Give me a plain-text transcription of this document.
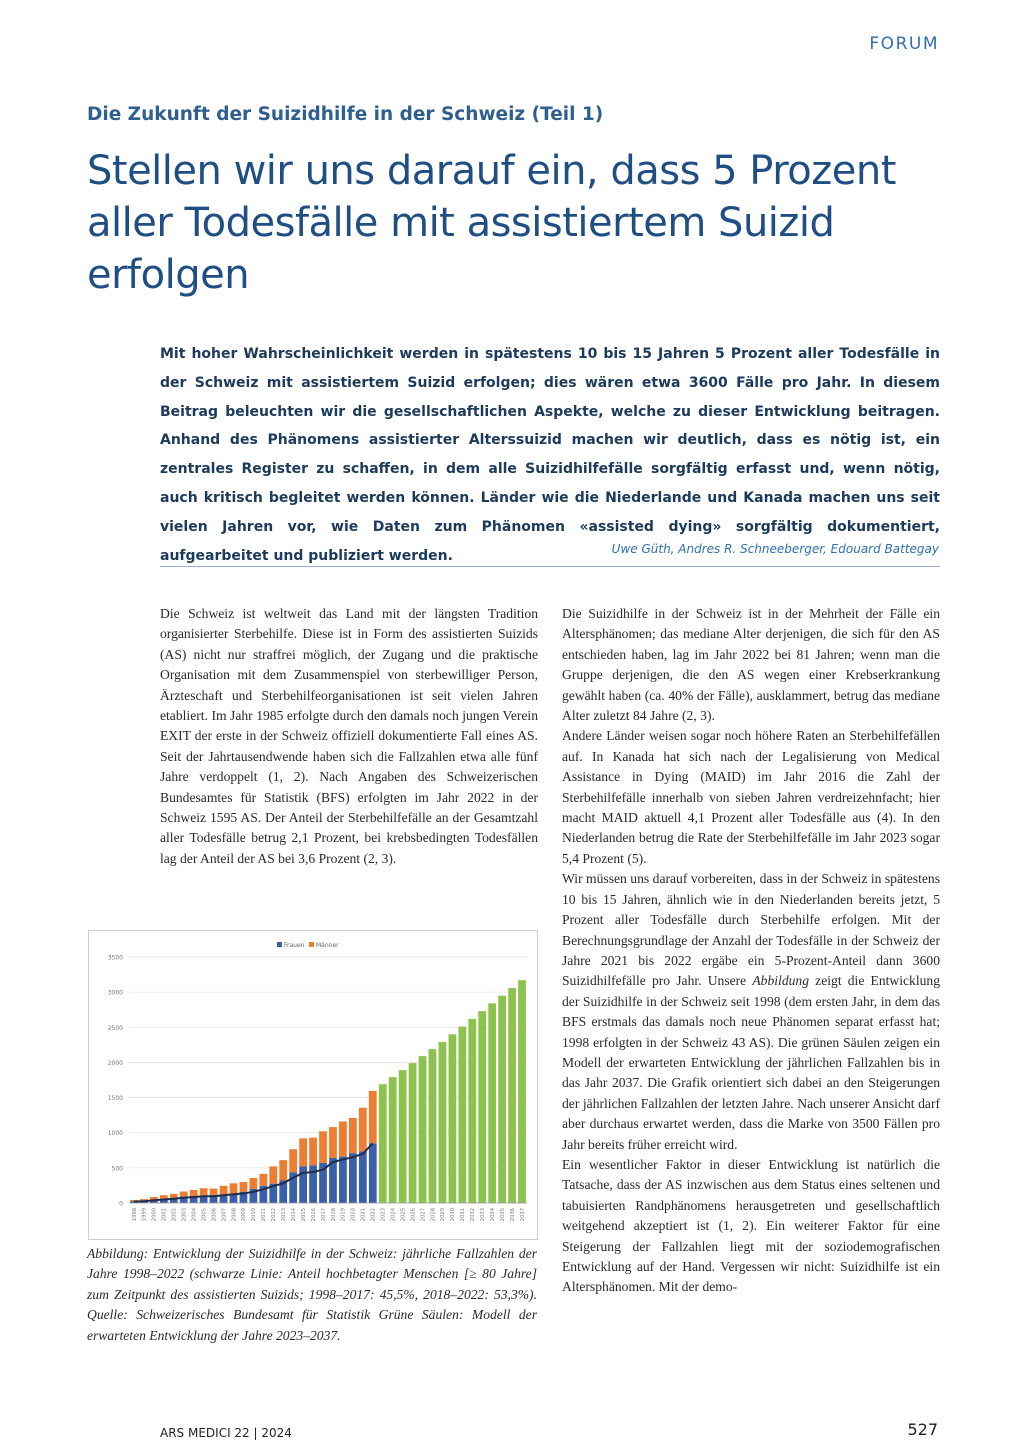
FORUM
Die Zukunft der Suizidhilfe in der Schweiz (Teil 1)
Stellen wir uns darauf ein, dass 5 Prozent aller Todesfälle mit assistiertem Suizid erfolgen

Mit hoher Wahrscheinlichkeit werden in spätestens 10 bis 15 Jahren 5 Prozent aller Todesfälle in der Schweiz mit assistiertem Suizid erfolgen; dies wären etwa 3600 Fälle pro Jahr. In diesem Beitrag beleuchten wir die gesellschaftlichen Aspekte, welche zu dieser Entwicklung beitragen. Anhand des Phänomens assistierter Alterssuizid machen wir deutlich, dass es nötig ist, ein zentrales Register zu schaffen, in dem alle Suizidhilfefälle sorgfältig erfasst und, wenn nötig, auch kritisch begleitet werden können. Länder wie die Niederlande und Kanada machen uns seit vielen Jahren vor, wie Daten zum Phänomen «assisted dying» sorgfältig dokumentiert, aufgearbeitet und publiziert werden.	Uwe Güth, Andres R. Schneeberger, Edouard Battegay

Die Schweiz ist weltweit das Land mit der längsten Tradition organisierter Sterbehilfe. Diese ist in Form des assistierten Suizids (AS) nicht nur straffrei möglich, der Zugang und die praktische Organisation mit dem Zusammenspiel von sterbewilliger Person, Ärzteschaft und Sterbehilfeorganisationen ist seit vielen Jahren etabliert. Im Jahr 1985 erfolgte durch den damals noch jungen Verein EXIT der erste in der Schweiz offiziell dokumentierte Fall eines AS. Seit der Jahrtausendwende haben sich die Fallzahlen etwa alle fünf Jahre verdoppelt (1, 2). Nach Angaben des Schweizerischen Bundesamtes für Statistik (BFS) erfolgten im Jahr 2022 in der Schweiz 1595 AS. Der Anteil der Sterbehilfefälle an der Gesamtzahl aller Todesfälle betrug 2,1 Prozent, bei krebsbedingten Todesfällen lag der Anteil der AS bei 3,6 Prozent (2, 3).

Die Suizidhilfe in der Schweiz ist in der Mehrheit der Fälle ein Altersphänomen; das mediane Alter derjenigen, die sich für den AS entschieden haben, lag im Jahr 2022 bei 81 Jahren; wenn man die Gruppe derjenigen, die den AS wegen einer Krebserkrankung gewählt haben (ca. 40% der Fälle), ausklammert, betrug das mediane Alter zuletzt 84 Jahre (2, 3).

Andere Länder weisen sogar noch höhere Raten an Sterbehilfefällen auf. In Kanada hat sich nach der Legalisierung von Medical Assistance in Dying (MAID) im Jahr 2016 die Zahl der Sterbehilfefälle innerhalb von sieben Jahren verdreizehnfacht; hier macht MAID aktuell 4,1 Prozent aller Todesfälle aus (4). In den Niederlanden betrug die Rate der Sterbehilfefälle im Jahr 2023 sogar 5,4 Prozent (5).

Wir müssen uns darauf vorbereiten, dass in der Schweiz in spätestens 10 bis 15 Jahren, ähnlich wie in den Niederlanden bereits jetzt, 5 Prozent aller Todesfälle durch Sterbehilfe erfolgen. Mit der Berechnungsgrundlage der Anzahl der Todesfälle in der Schweiz der Jahre 2021 bis 2022 ergäbe ein 5-Prozent-Anteil dann 3600 Suizidhilfefälle pro Jahr. Unsere Abbildung zeigt die Entwicklung der Suizidhilfe in der Schweiz seit 1998 (dem ersten Jahr, in dem das BFS erstmals das damals noch neue Phänomen separat erfasst hat; 1998 erfolgten in der Schweiz 43 AS). Die grünen Säulen zeigen ein Modell der erwarteten Entwicklung der jährlichen Fallzahlen bis in das Jahr 2037. Die Grafik orientiert sich dabei an den Steigerungen der jährlichen Fallzahlen der letzten Jahre. Nach unserer Ansicht darf aber durchaus erwartet werden, dass die Marke von 3500 Fällen pro Jahr bereits früher erreicht wird.

Ein wesentlicher Faktor in dieser Entwicklung ist natürlich die Tatsache, dass der AS inzwischen aus dem Status eines seltenen und tabuisierten Randphänomens herausgetreten und gesellschaftlich weitgehend akzeptiert ist (1, 2). Ein weiterer Faktor für eine Steigerung der Fallzahlen liegt mit der soziodemografischen Entwicklung auf der Hand. Vergessen wir nicht: Suizidhilfe ist ein Altersphänomen. Mit der demo-

0
500
1000
1500
2000
2500
3000
3500
1998 1999 2000 2001 2002 2003 2004 2005 2006 2007 2008 2009 2010 2011 2012 2013 2014 2015 2016 2017 2018 2019 2020 2021 2022 2023 2024 2025 2026 2027 2028 2029 2030 2031 2032 2033 2034 2035 2036 2037
Frauen Männer

Abbildung: Entwicklung der Suizidhilfe in der Schweiz: jährliche Fallzahlen der Jahre 1998–2022 (schwarze Linie: Anteil hochbetagter Menschen [≥ 80 Jahre] zum Zeitpunkt des assistierten Suizids; 1998–2017: 45,5%, 2018–2022: 53,3%). Quelle: Schweizerisches Bundesamt für Statistik Grüne Säulen: Modell der erwarteten Entwicklung der Jahre 2023–2037.

ARS MEDICI 22 | 2024	527
